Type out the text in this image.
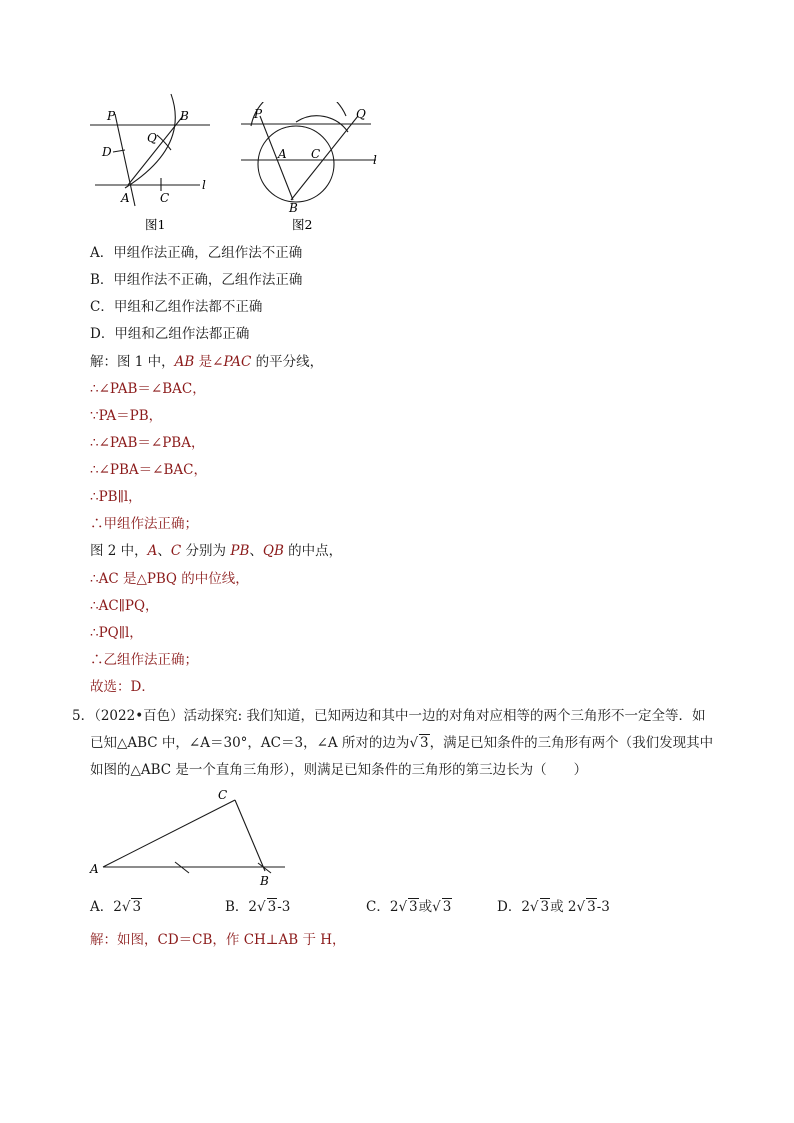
P	B
Q
D
A	C
l
图1
P	Q
A C	l
B
图2
A．甲组作法正确，乙组作法不正确
B．甲组作法不正确，乙组作法正确
C．甲组和乙组作法都不正确
D．甲组和乙组作法都正确
解：图 1 中，AB 是∠PAC 的平分线，
∴∠PAB＝∠BAC，
∵PA＝PB，
∴∠PAB＝∠PBA，
∴∠PBA＝∠BAC，
∴PB∥l，
∴甲组作法正确；
图 2 中，A、C 分别为 PB、QB 的中点，
∴AC 是△PBQ 的中位线，
∴AC∥PQ，
∴PQ∥l，
∴乙组作法正确；
故选：D．
5．（2022•百色）活动探究: 我们知道，已知两边和其中一边的对角对应相等的两个三角形不一定全等．如
已知△ABC 中，∠A＝30°，AC＝3，∠A 所对的边为√ 3，满足已知条件的三角形有两个（我们发现其中
如图的△ABC 是一个直角三角形），则满足已知条件的三角形的第三边长为（　　）
C
A
B
A．2√ 3	B．2√ 3-3	C．2√ 3或√ 3	D．2√ 3或 2√ 3-3
解：如图，CD＝CB，作 CH⊥AB 于 H，
